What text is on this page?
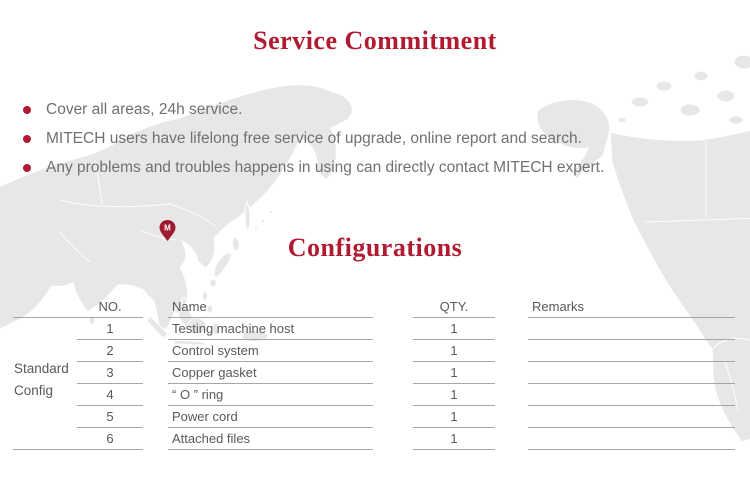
Service Commitment
Cover all areas, 24h service.
MITECH users have lifelong free service of upgrade, online report and search.
Any problems and troubles happens in using can directly contact MITECH expert.
M
Configurations
Standard
Config
NO.	Name	QTY.	Remarks
1	Testing machine host	1
2	Control system	1
3	Copper gasket	1
4	“ O ” ring	1
5	Power cord	1
6	Attached files	1
